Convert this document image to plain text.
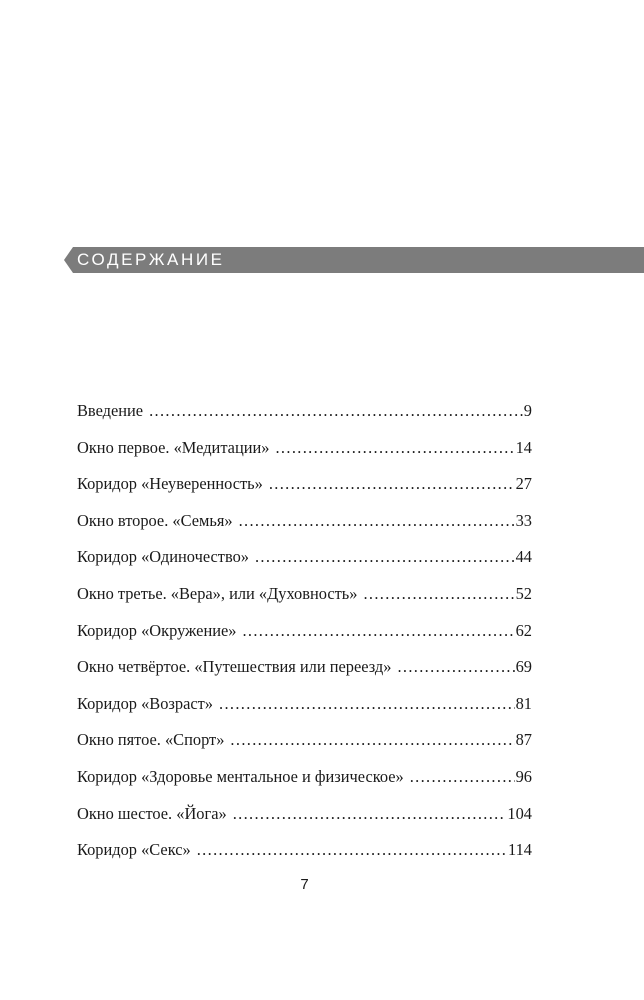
СОДЕРЖАНИЕ
Введение .....	9
Окно первое. «Медитации» .....	14
Коридор «Неуверенность» .....	27
Окно второе. «Семья» .....	33
Коридор «Одиночество» .....	44
Окно третье. «Вера», или «Духовность» .....	52
Коридор «Окружение» .....	62
Окно четвёртое. «Путешествия или переезд» .....	69
Коридор «Возраст» .....	81
Окно пятое. «Спорт» .....	87
Коридор «Здоровье ментальное и физическое» .....	96
Окно шестое. «Йога» .....	104
Коридор «Секс» .....	114
7
